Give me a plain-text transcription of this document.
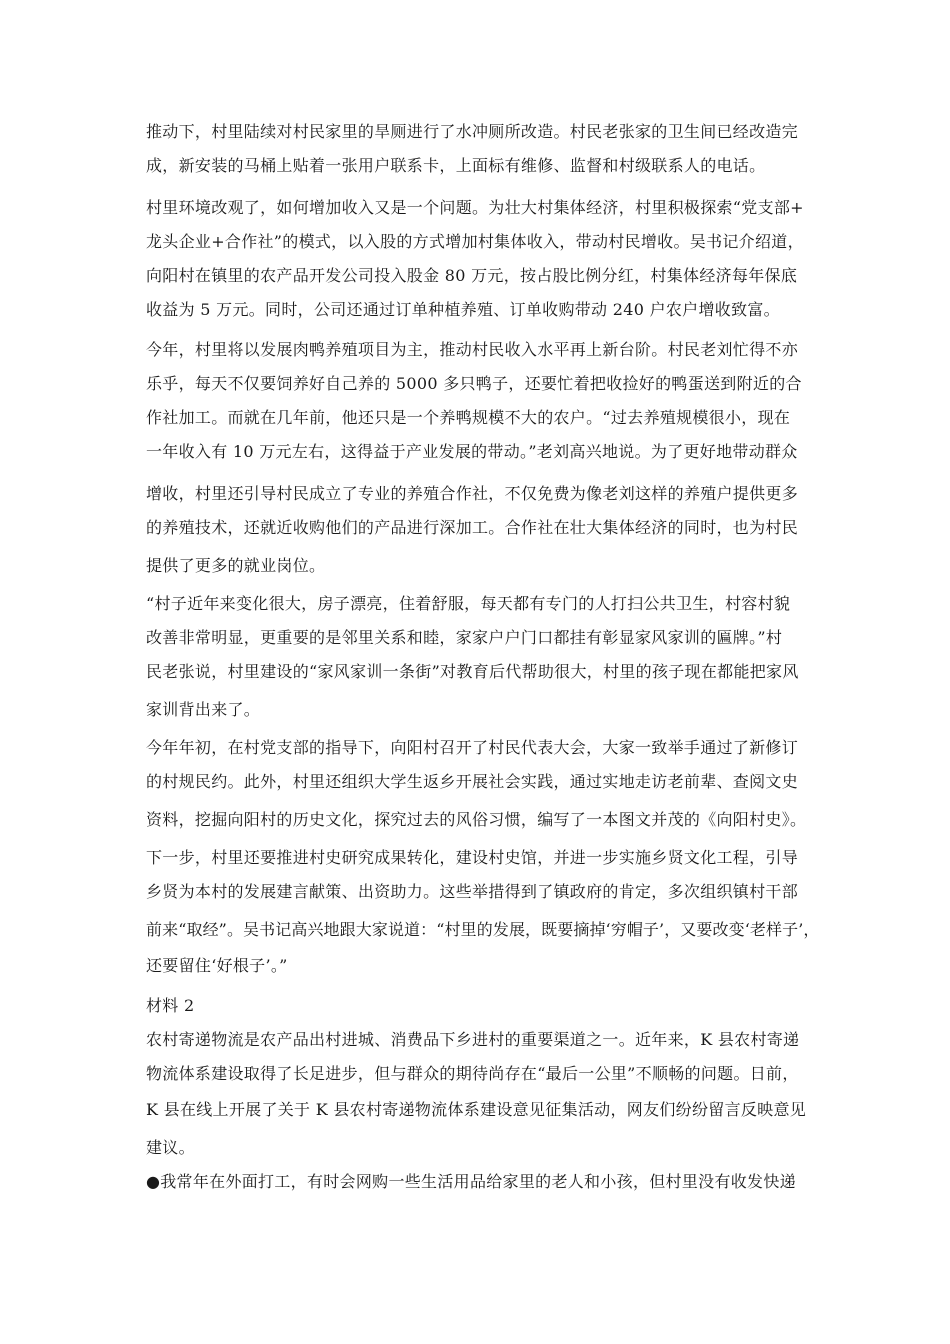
推动下，村里陆续对村民家里的旱厕进行了水冲厕所改造。村民老张家的卫生间已经改造完

成，新安装的马桶上贴着一张用户联系卡，上面标有维修、监督和村级联系人的电话。

村里环境改观了，如何增加收入又是一个问题。为壮大村集体经济，村里积极探索“党支部+

龙头企业+合作社”的模式，以入股的方式增加村集体收入，带动村民增收。吴书记介绍道，

向阳村在镇里的农产品开发公司投入股金 80 万元，按占股比例分红，村集体经济每年保底

收益为 5 万元。同时，公司还通过订单种植养殖、订单收购带动 240 户农户增收致富。

今年，村里将以发展肉鸭养殖项目为主，推动村民收入水平再上新台阶。村民老刘忙得不亦

乐乎，每天不仅要饲养好自己养的 5000 多只鸭子，还要忙着把收捡好的鸭蛋送到附近的合

作社加工。而就在几年前，他还只是一个养鸭规模不大的农户。“过去养殖规模很小，现在

一年收入有 10 万元左右，这得益于产业发展的带动。”老刘高兴地说。为了更好地带动群众

增收，村里还引导村民成立了专业的养殖合作社，不仅免费为像老刘这样的养殖户提供更多

的养殖技术，还就近收购他们的产品进行深加工。合作社在壮大集体经济的同时，也为村民

提供了更多的就业岗位。

“村子近年来变化很大，房子漂亮，住着舒服，每天都有专门的人打扫公共卫生，村容村貌

改善非常明显，更重要的是邻里关系和睦，家家户户门口都挂有彰显家风家训的匾牌。”村

民老张说，村里建设的“家风家训一条街”对教育后代帮助很大，村里的孩子现在都能把家风

家训背出来了。

今年年初，在村党支部的指导下，向阳村召开了村民代表大会，大家一致举手通过了新修订

的村规民约。此外，村里还组织大学生返乡开展社会实践，通过实地走访老前辈、查阅文史

资料，挖掘向阳村的历史文化，探究过去的风俗习惯，编写了一本图文并茂的《向阳村史》。

下一步，村里还要推进村史研究成果转化，建设村史馆，并进一步实施乡贤文化工程，引导

乡贤为本村的发展建言献策、出资助力。这些举措得到了镇政府的肯定，多次组织镇村干部

前来“取经”。吴书记高兴地跟大家说道：“村里的发展，既要摘掉‘穷帽子’，又要改变‘老样子’，

还要留住‘好根子’。”

材料 2

农村寄递物流是农产品出村进城、消费品下乡进村的重要渠道之一。近年来，K 县农村寄递

物流体系建设取得了长足进步，但与群众的期待尚存在“最后一公里”不顺畅的问题。日前，

K 县在线上开展了关于 K 县农村寄递物流体系建设意见征集活动，网友们纷纷留言反映意见

建议。

●我常年在外面打工，有时会网购一些生活用品给家里的老人和小孩，但村里没有收发快递
